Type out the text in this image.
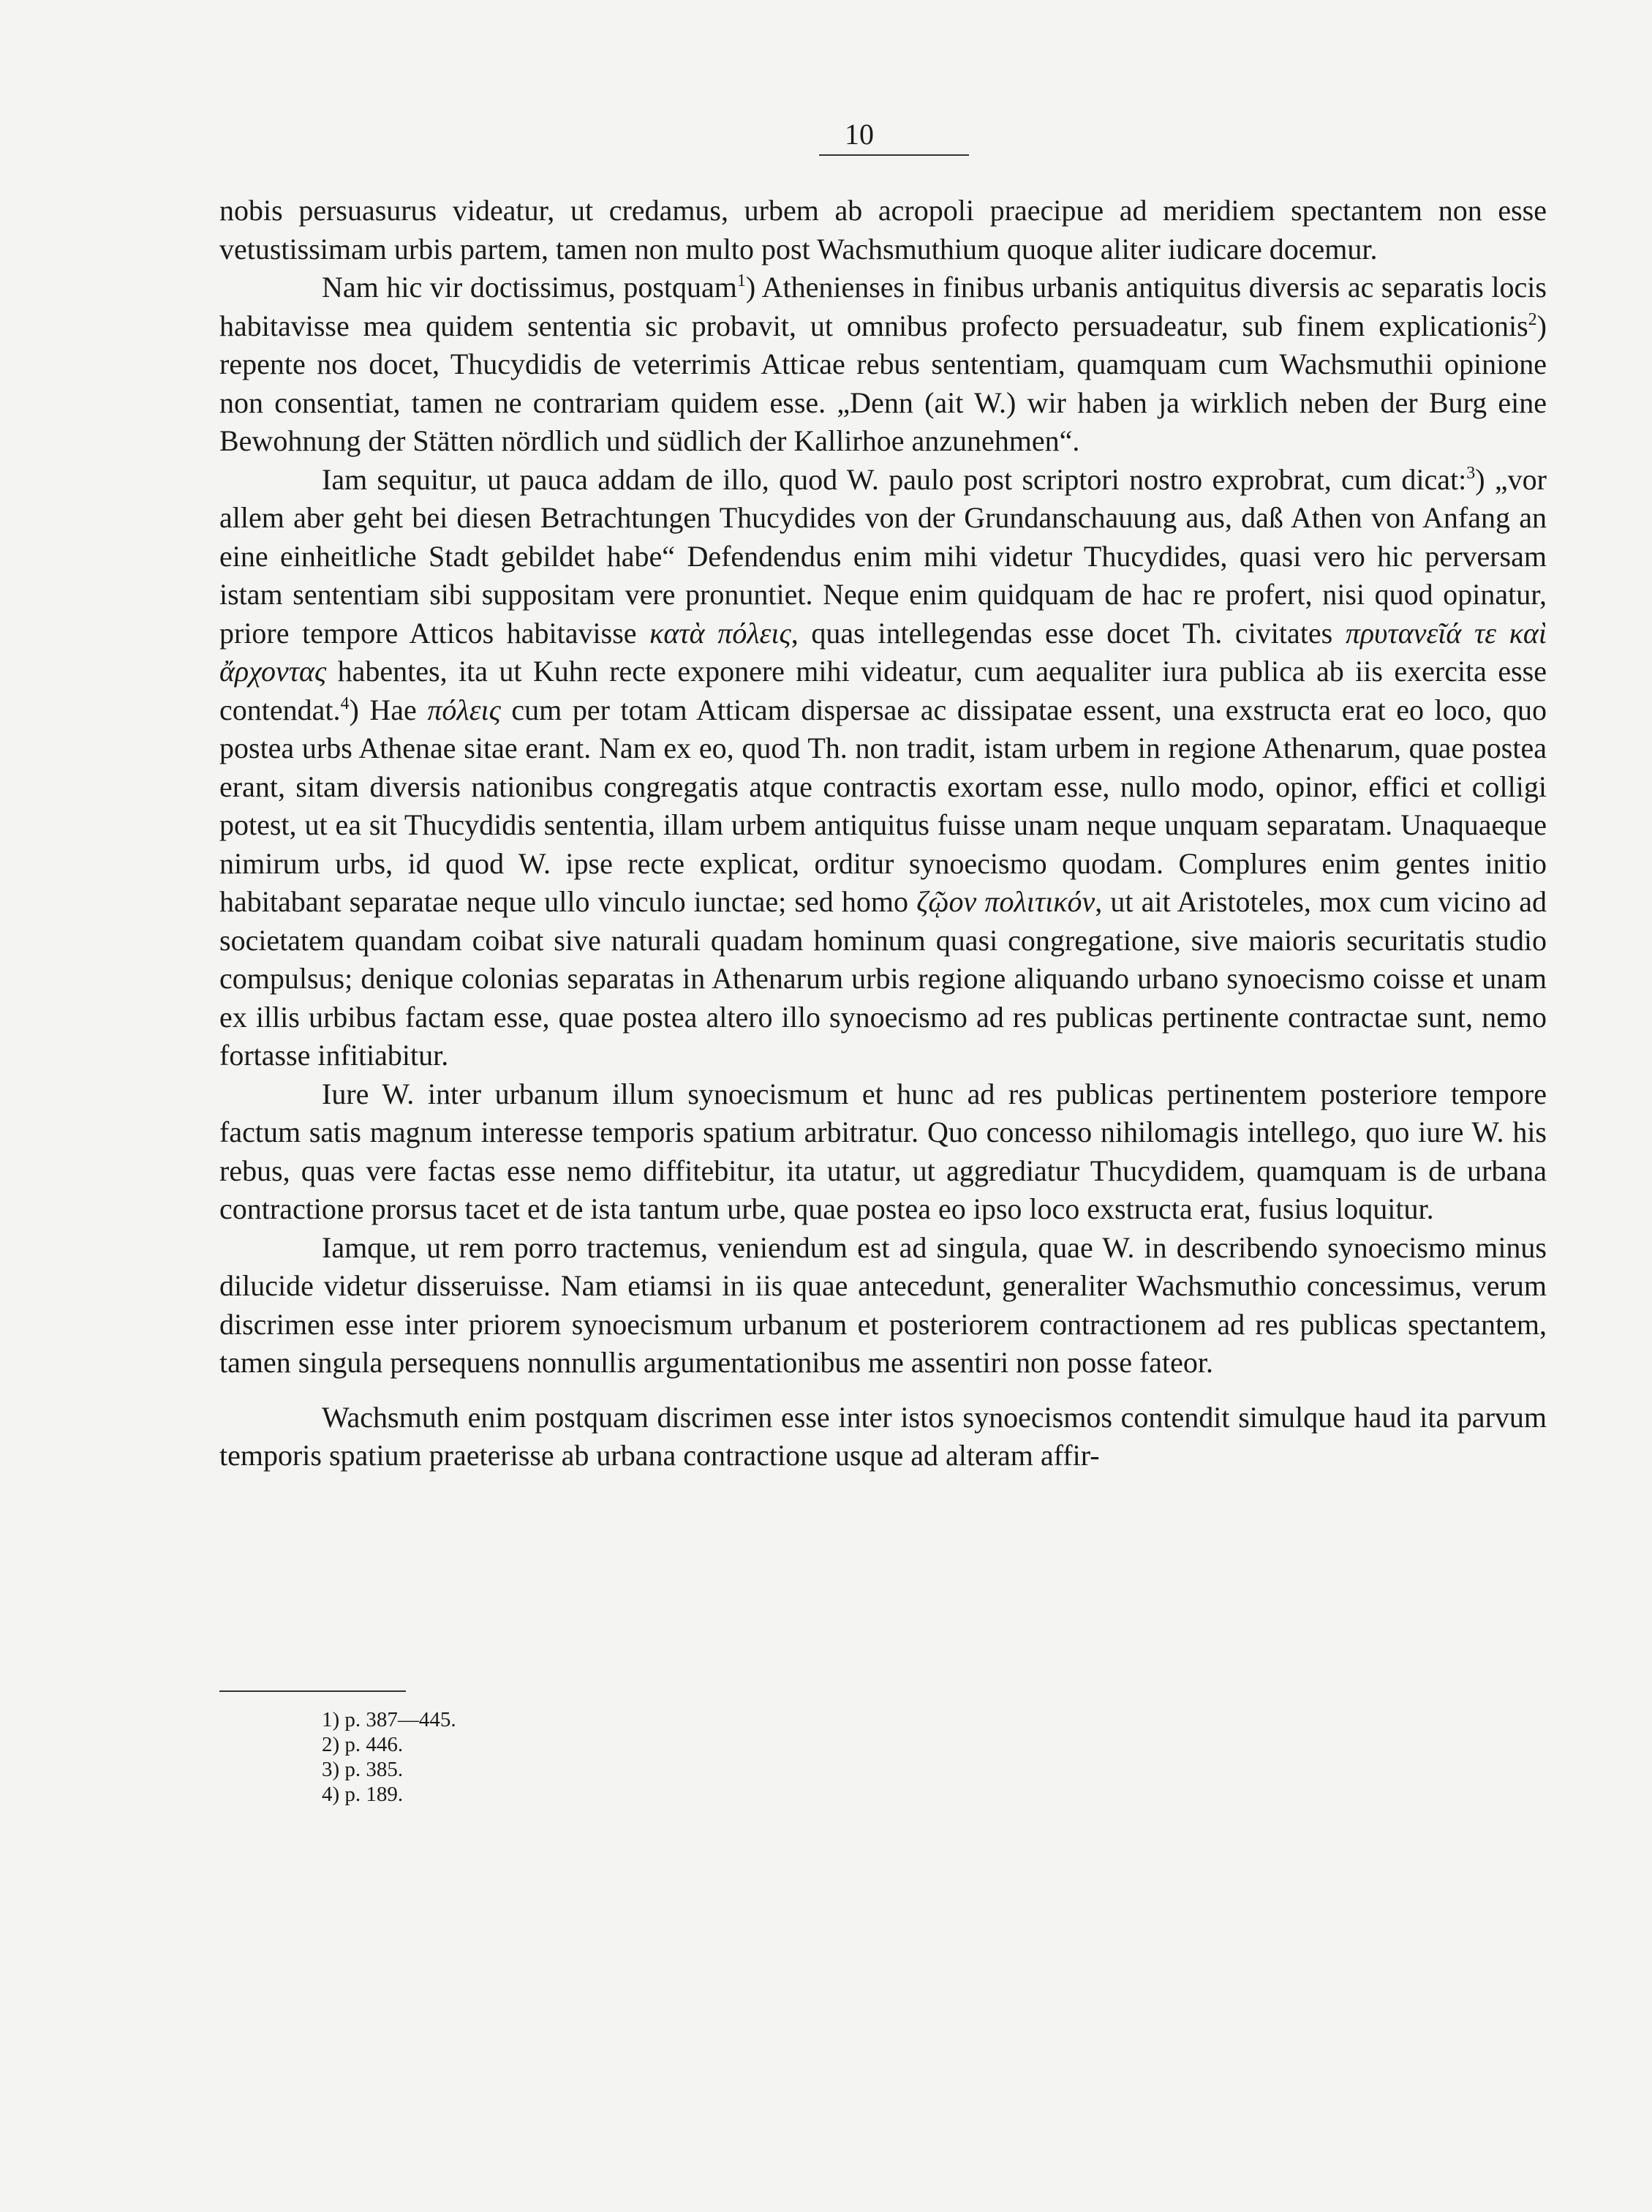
10

nobis persuasurus videatur, ut credamus, urbem ab acropoli praecipue ad meridiem spectantem non esse vetustissimam urbis partem, tamen non multo post Wachsmuthium quoque aliter iudicare docemur.

Nam hic vir doctissimus, postquam$^1$) Athenienses in finibus urbanis antiquitus diversis ac separatis locis habitavisse mea quidem sententia sic probavit, ut omnibus profecto persuadeatur, sub finem explicationis$^2$) repente nos docet, Thucydidis de veterrimis Atticae rebus sententiam, quamquam cum Wachsmuthii opinione non consentiat, tamen ne contrariam quidem esse. „Denn (ait W.) wir haben ja wirklich neben der Burg eine Bewohnung der Stätten nördlich und südlich der Kallirhoe anzunehmen“.

Iam sequitur, ut pauca addam de illo, quod W. paulo post scriptori nostro exprobrat, cum dicat:$^3$) „vor allem aber geht bei diesen Betrachtungen Thucydides von der Grundanschauung aus, daß Athen von Anfang an eine einheitliche Stadt gebildet habe“ Defendendus enim mihi videtur Thucydides, quasi vero hic perversam istam sententiam sibi suppositam vere pronuntiet. Neque enim quidquam de hac re profert, nisi quod opinatur, priore tempore Atticos habitavisse κατὰ πόλεις, quas intellegendas esse docet Th. civitates πρυτανεῖά τε καὶ ἄρχοντας habentes, ita ut Kuhn recte exponere mihi videatur, cum aequaliter iura publica ab iis exercita esse contendat.$^4$) Hae πόλεις cum per totam Atticam dispersae ac dissipatae essent, una exstructa erat eo loco, quo postea urbs Athenae sitae erant. Nam ex eo, quod Th. non tradit, istam urbem in regione Athenarum, quae postea erant, sitam diversis nationibus congregatis atque contractis exortam esse, nullo modo, opinor, effici et colligi potest, ut ea sit Thucydidis sententia, illam urbem antiquitus fuisse unam neque unquam separatam. Unaquaeque nimirum urbs, id quod W. ipse recte explicat, orditur synoecismo quodam. Complures enim gentes initio habitabant separatae neque ullo vinculo iunctae; sed homo ζῷον πολιτικόν, ut ait Aristoteles, mox cum vicino ad societatem quandam coibat sive naturali quadam hominum quasi congregatione, sive maioris securitatis studio compulsus; denique colonias separatas in Athenarum urbis regione aliquando urbano synoecismo coisse et unam ex illis urbibus factam esse, quae postea altero illo synoecismo ad res publicas pertinente contractae sunt, nemo fortasse infitiabitur.

Iure W. inter urbanum illum synoecismum et hunc ad res publicas pertinentem posteriore tempore factum satis magnum interesse temporis spatium arbitratur. Quo concesso nihilomagis intellego, quo iure W. his rebus, quas vere factas esse nemo diffitebitur, ita utatur, ut aggrediatur Thucydidem, quamquam is de urbana contractione prorsus tacet et de ista tantum urbe, quae postea eo ipso loco exstructa erat, fusius loquitur.

Iamque, ut rem porro tractemus, veniendum est ad singula, quae W. in describendo synoecismo minus dilucide videtur disseruisse. Nam etiamsi in iis quae antecedunt, generaliter Wachsmuthio concessimus, verum discrimen esse inter priorem synoecismum urbanum et posteriorem contractionem ad res publicas spectantem, tamen singula persequens nonnullis argumentationibus me assentiri non posse fateor.

Wachsmuth enim postquam discrimen esse inter istos synoecismos contendit simulque haud ita parvum temporis spatium praeterisse ab urbana contractione usque ad alteram affir-

1) p. 387—445.
2) p. 446.
3) p. 385.
4) p. 189.
